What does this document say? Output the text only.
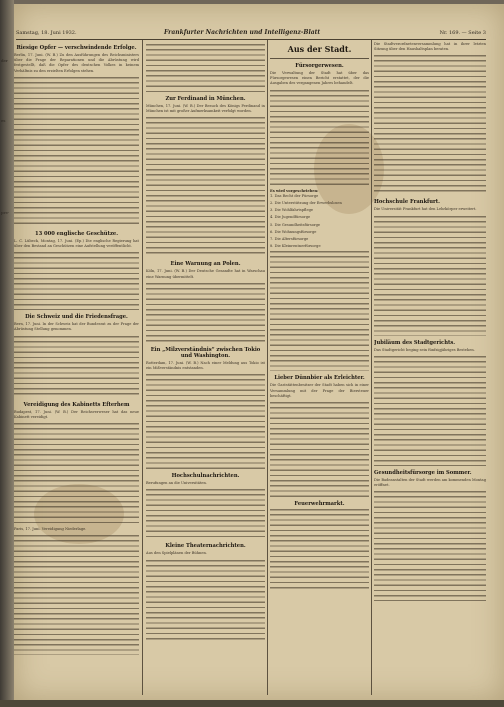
der
es
pre-
Samstag, 18. Juni 1932.	Frankfurter Nachrichten und Intelligenz-Blatt	Nr. 169. — Seite 3
Riesige Opfer — verschwindende Erfolge.

Berlin, 17. Juni. (W. B.) Zu den Ausführungen des Reichsministers über die Frage der Reparationen und die Abrüstung wird festgestellt, daß die Opfer des deutschen Volkes in keinem Verhältnis zu den erzielten Erfolgen stehen.

13 000 englische Geschütze.

L. C. Lübeck, Montag, 17. Juni. (Ep.) Die englische Regierung hat über den Bestand an Geschützen eine Aufstellung veröffentlicht.

Die Schweiz und die Friedensfrage.

Bern, 17. Juni. In der Schweiz hat der Bundesrat zu der Frage der Abrüstung Stellung genommen.

Vereidigung des Kabinetts Efterhem

Budapest, 17. Juni. (W. B.) Der Reichsverweser hat das neue Kabinett vereidigt.

Paris, 17. Juni. Vereidigung Niederlage.

Zur Ferdinand in München.

München, 17. Juni. (W. B.) Der Besuch des Königs Ferdinand in München ist mit großer Aufmerksamkeit verfolgt worden.

Eine Warnung an Polen.

Köln, 17. Juni. (W. B.) Der Deutsche Gesandte hat in Warschau eine Warnung übermittelt.

Ein „Milzverständnis“ zwischen Tokio und Washington.

Rotterdam, 17. Juni. (W. B.) Nach einer Meldung aus Tokio ist ein Mißverständnis entstanden.

Hochschulnachrichten.

Berufungen an die Universitäten.

Kleine Theaternachrichten.

Aus den Spielplänen der Bühnen.

Aus der Stadt.
Fürsorgerwesen.

Die Verwaltung der Stadt hat über das Fürsorgewesen einen Bericht erstattet, der die Ausgaben des vergangenen Jahres behandelt.

Es wird vorgeschrieben:
1. Das Recht der Fürsorge
2. Die Unterstützung der Erwerbslosen
3. Die Wohlfahrtspflege
4. Die Jugendfürsorge
5. Die Gesundheitsfürsorge
6. Die Wohnungsfürsorge
7. Die Altersfürsorge
8. Die Kleinrentnerfürsorge
Lieber Dünnbier als Erleichter.

Die Gaststättenbesitzer der Stadt haben sich in einer Versammlung mit der Frage der Biersteuer beschäftigt.

Feuerwehrmarkt.

Die Stadtverordnetenversammlung hat in ihrer letzten Sitzung über den Haushaltsplan beraten.

Hochschule Frankfurt.

Die Universität Frankfurt hat den Lehrkörper erweitert.

Jubiläum des Stadtgerichts.

Das Stadtgericht beging sein fünfzigjähriges Bestehen.

Gesundheitsfürsorge im Sommer.

Die Badeanstalten der Stadt werden am kommenden Montag eröffnet.
